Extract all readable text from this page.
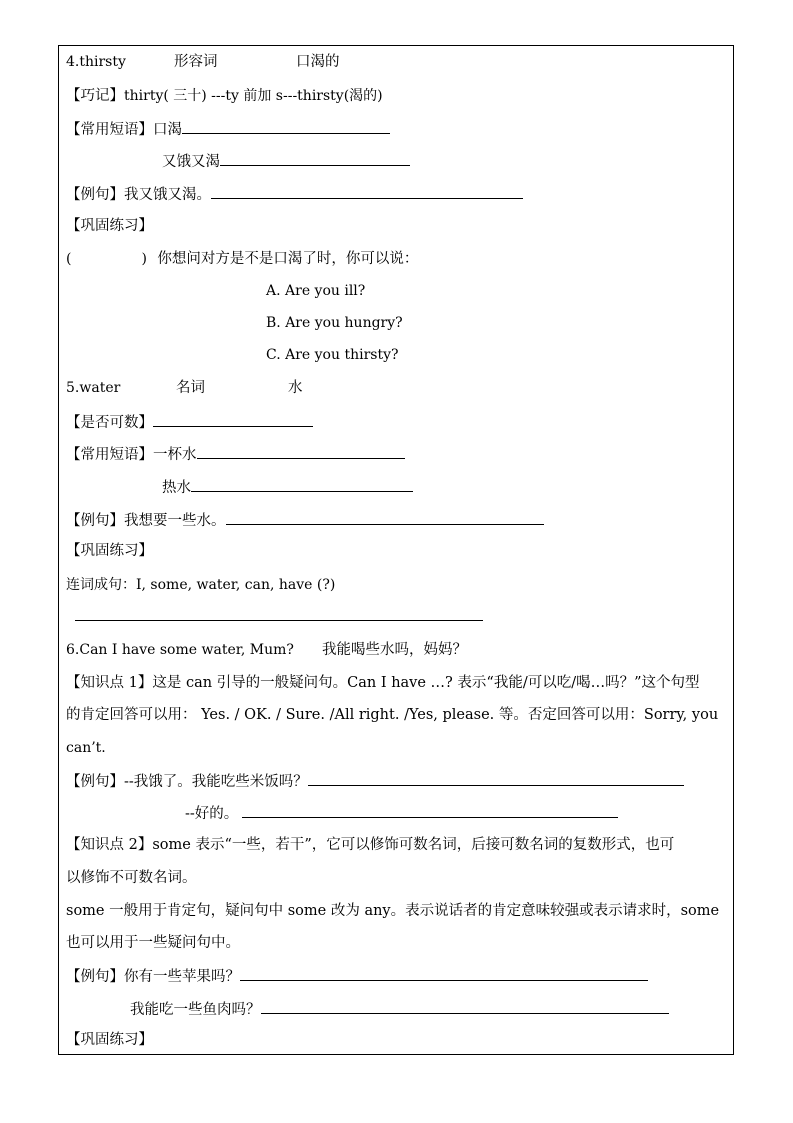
4.thirsty	形容词	口渴的
【巧记】thirty( 三十) ---ty 前加 s---thirsty(渴的)
【常用短语】口渴
又饿又渴
【例句】我又饿又渴。
【巩固练习】
(	) 你想问对方是不是口渴了时，你可以说：
A. Are you ill?
B. Are you hungry?
C. Are you thirsty?
5.water	名词	水
【是否可数】
【常用短语】一杯水
热水
【例句】我想要一些水。
【巩固练习】
连词成句：I, some, water, can, have (?)
6.Can I have some water, Mum? 我能喝些水吗，妈妈？
【知识点 1】这是 can 引导的一般疑问句。Can I have …? 表示“我能/可以吃/喝…吗？”这个句型
的肯定回答可以用： Yes. / OK. / Sure. /All right. /Yes, please. 等。否定回答可以用：Sorry, you
can’t.
【例句】--我饿了。我能吃些米饭吗？
--好的。
【知识点 2】some 表示“一些，若干”，它可以修饰可数名词，后接可数名词的复数形式，也可
以修饰不可数名词。
some 一般用于肯定句，疑问句中 some 改为 any。表示说话者的肯定意味较强或表示请求时，some
也可以用于一些疑问句中。
【例句】你有一些苹果吗？
我能吃一些鱼肉吗？
【巩固练习】
